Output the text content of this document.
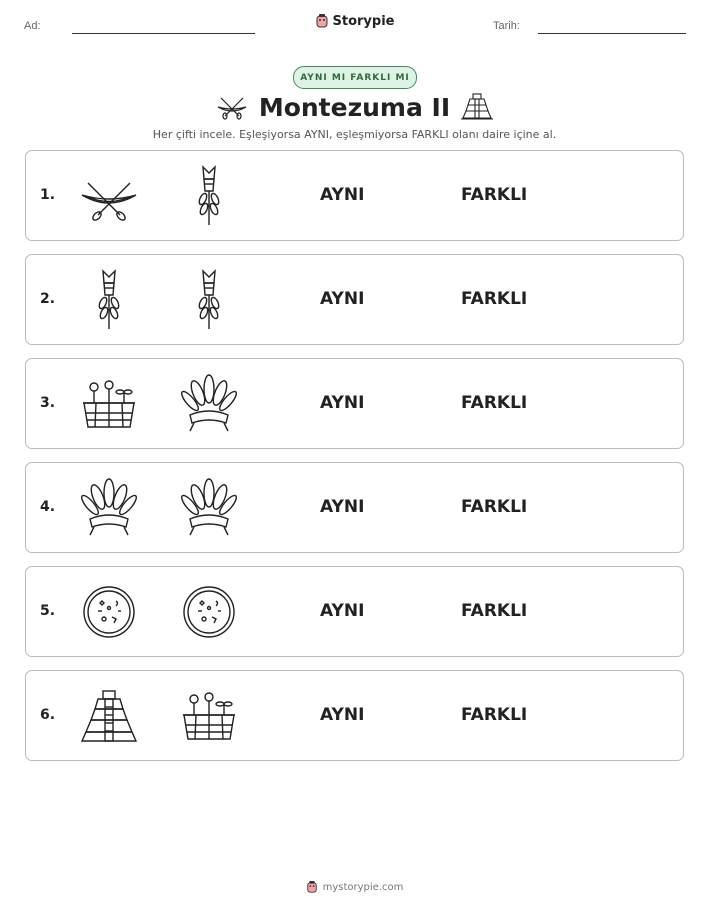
Ad:	Storypie	Tarih:
AYNI MI FARKLI MI
Montezuma II
Her çifti incele. Eşleşiyorsa AYNI, eşleşmiyorsa FARKLI olanı daire içine al.
1.	AYNI	FARKLI
2.	AYNI	FARKLI
3.	AYNI	FARKLI
4.	AYNI	FARKLI
5.	AYNI	FARKLI
6.	AYNI	FARKLI
mystorypie.com
